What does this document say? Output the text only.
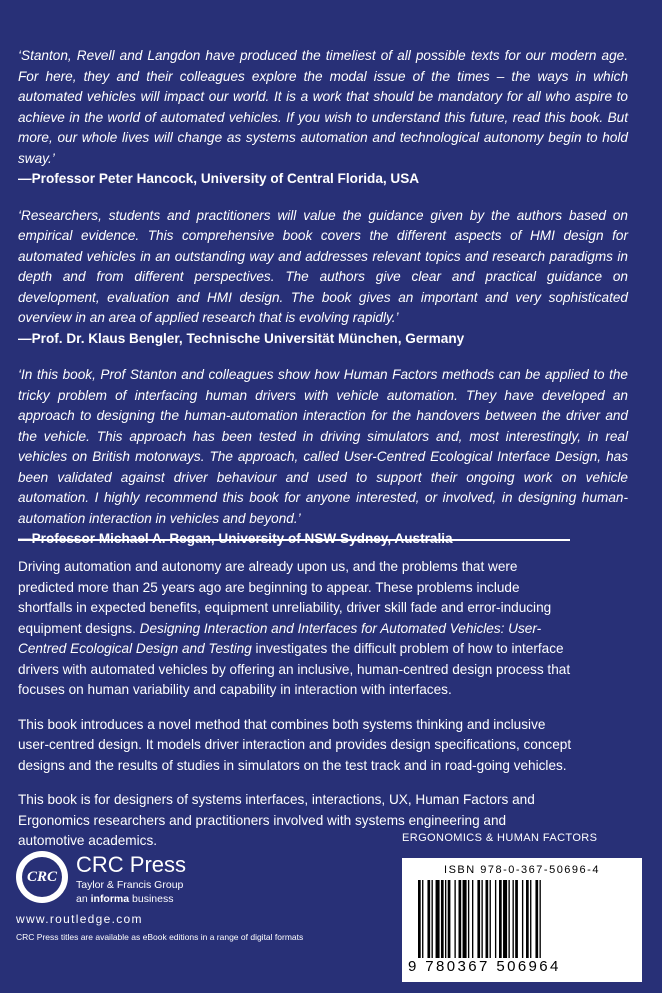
‘Stanton, Revell and Langdon have produced the timeliest of all possible texts for our modern age. For here, they and their colleagues explore the modal issue of the times – the ways in which automated vehicles will impact our world. It is a work that should be mandatory for all who aspire to achieve in the world of automated vehicles. If you wish to understand this future, read this book. But more, our whole lives will change as systems automation and technological autonomy begin to hold sway.’

—Professor Peter Hancock, University of Central Florida, USA

‘Researchers, students and practitioners will value the guidance given by the authors based on empirical evidence. This comprehensive book covers the different aspects of HMI design for automated vehicles in an outstanding way and addresses relevant topics and research paradigms in depth and from different perspectives. The authors give clear and practical guidance on development, evaluation and HMI design. The book gives an important and very sophisticated overview in an area of applied research that is evolving rapidly.’

—Prof. Dr. Klaus Bengler, Technische Universität München, Germany

‘In this book, Prof Stanton and colleagues show how Human Factors methods can be applied to the tricky problem of interfacing human drivers with vehicle automation. They have developed an approach to designing the human-automation interaction for the handovers between the driver and the vehicle. This approach has been tested in driving simulators and, most interestingly, in real vehicles on British motorways. The approach, called User-Centred Ecological Interface Design, has been validated against driver behaviour and used to support their ongoing work on vehicle automation. I highly recommend this book for anyone interested, or involved, in designing human-automation interaction in vehicles and beyond.’

—Professor Michael A. Regan, University of NSW Sydney, Australia

Driving automation and autonomy are already upon us, and the problems that were predicted more than 25 years ago are beginning to appear. These problems include shortfalls in expected benefits, equipment unreliability, driver skill fade and error-inducing equipment designs. Designing Interaction and Interfaces for Automated Vehicles: User-Centred Ecological Design and Testing investigates the difficult problem of how to interface drivers with automated vehicles by offering an inclusive, human-centred design process that focuses on human variability and capability in interaction with interfaces.

This book introduces a novel method that combines both systems thinking and inclusive user-centred design. It models driver interaction and provides design specifications, concept designs and the results of studies in simulators on the test track and in road-going vehicles.

This book is for designers of systems interfaces, interactions, UX, Human Factors and Ergonomics researchers and practitioners involved with systems engineering and automotive academics.	ERGONOMICS & HUMAN FACTORS
CRC CRC Press
Taylor & Francis Group
an informa business
www.routledge.com
CRC Press titles are available as eBook editions in a range of digital formats
ISBN 978-0-367-50696-4
9 780367 506964
